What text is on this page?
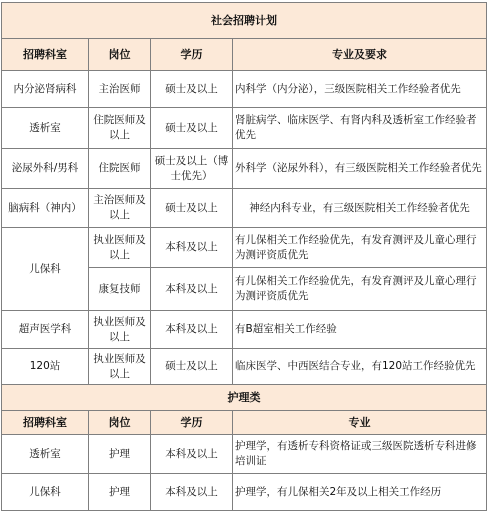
社会招聘计划			
招聘科室	岗位	学历	专业及要求
内分泌肾病科	主治医师	硕士及以上	内科学（内分泌），三级医院相关工作经验者优先
透析室	住院医师及以上	硕士及以上	肾脏病学、临床医学、有肾内科及透析室工作经验者优先
泌尿外科/男科	住院医师	硕士及以上（博士优先）	外科学（泌尿外科），有三级医院相关工作经验者优先
脑病科（神内）	主治医师及以上	硕士及以上	神经内科专业，有三级医院相关工作经验者优先
儿保科	执业医师及以上	本科及以上	有儿保相关工作经验优先，有发育测评及儿童心理行为测评资质优先
	康复技师	本科及以上	有儿保相关工作经验优先，有发育测评及儿童心理行为测评资质优先
超声医学科	执业医师及以上	本科及以上	有B超室相关工作经验
120站	执业医师及以上	硕士及以上	临床医学、中西医结合专业，有120站工作经验优先
护理类			
招聘科室	岗位	学历	专业
透析室	护理	本科及以上	护理学，有透析专科资格证或三级医院透析专科进修培训证
儿保科	护理	本科及以上	护理学，有儿保相关2年及以上相关工作经历
